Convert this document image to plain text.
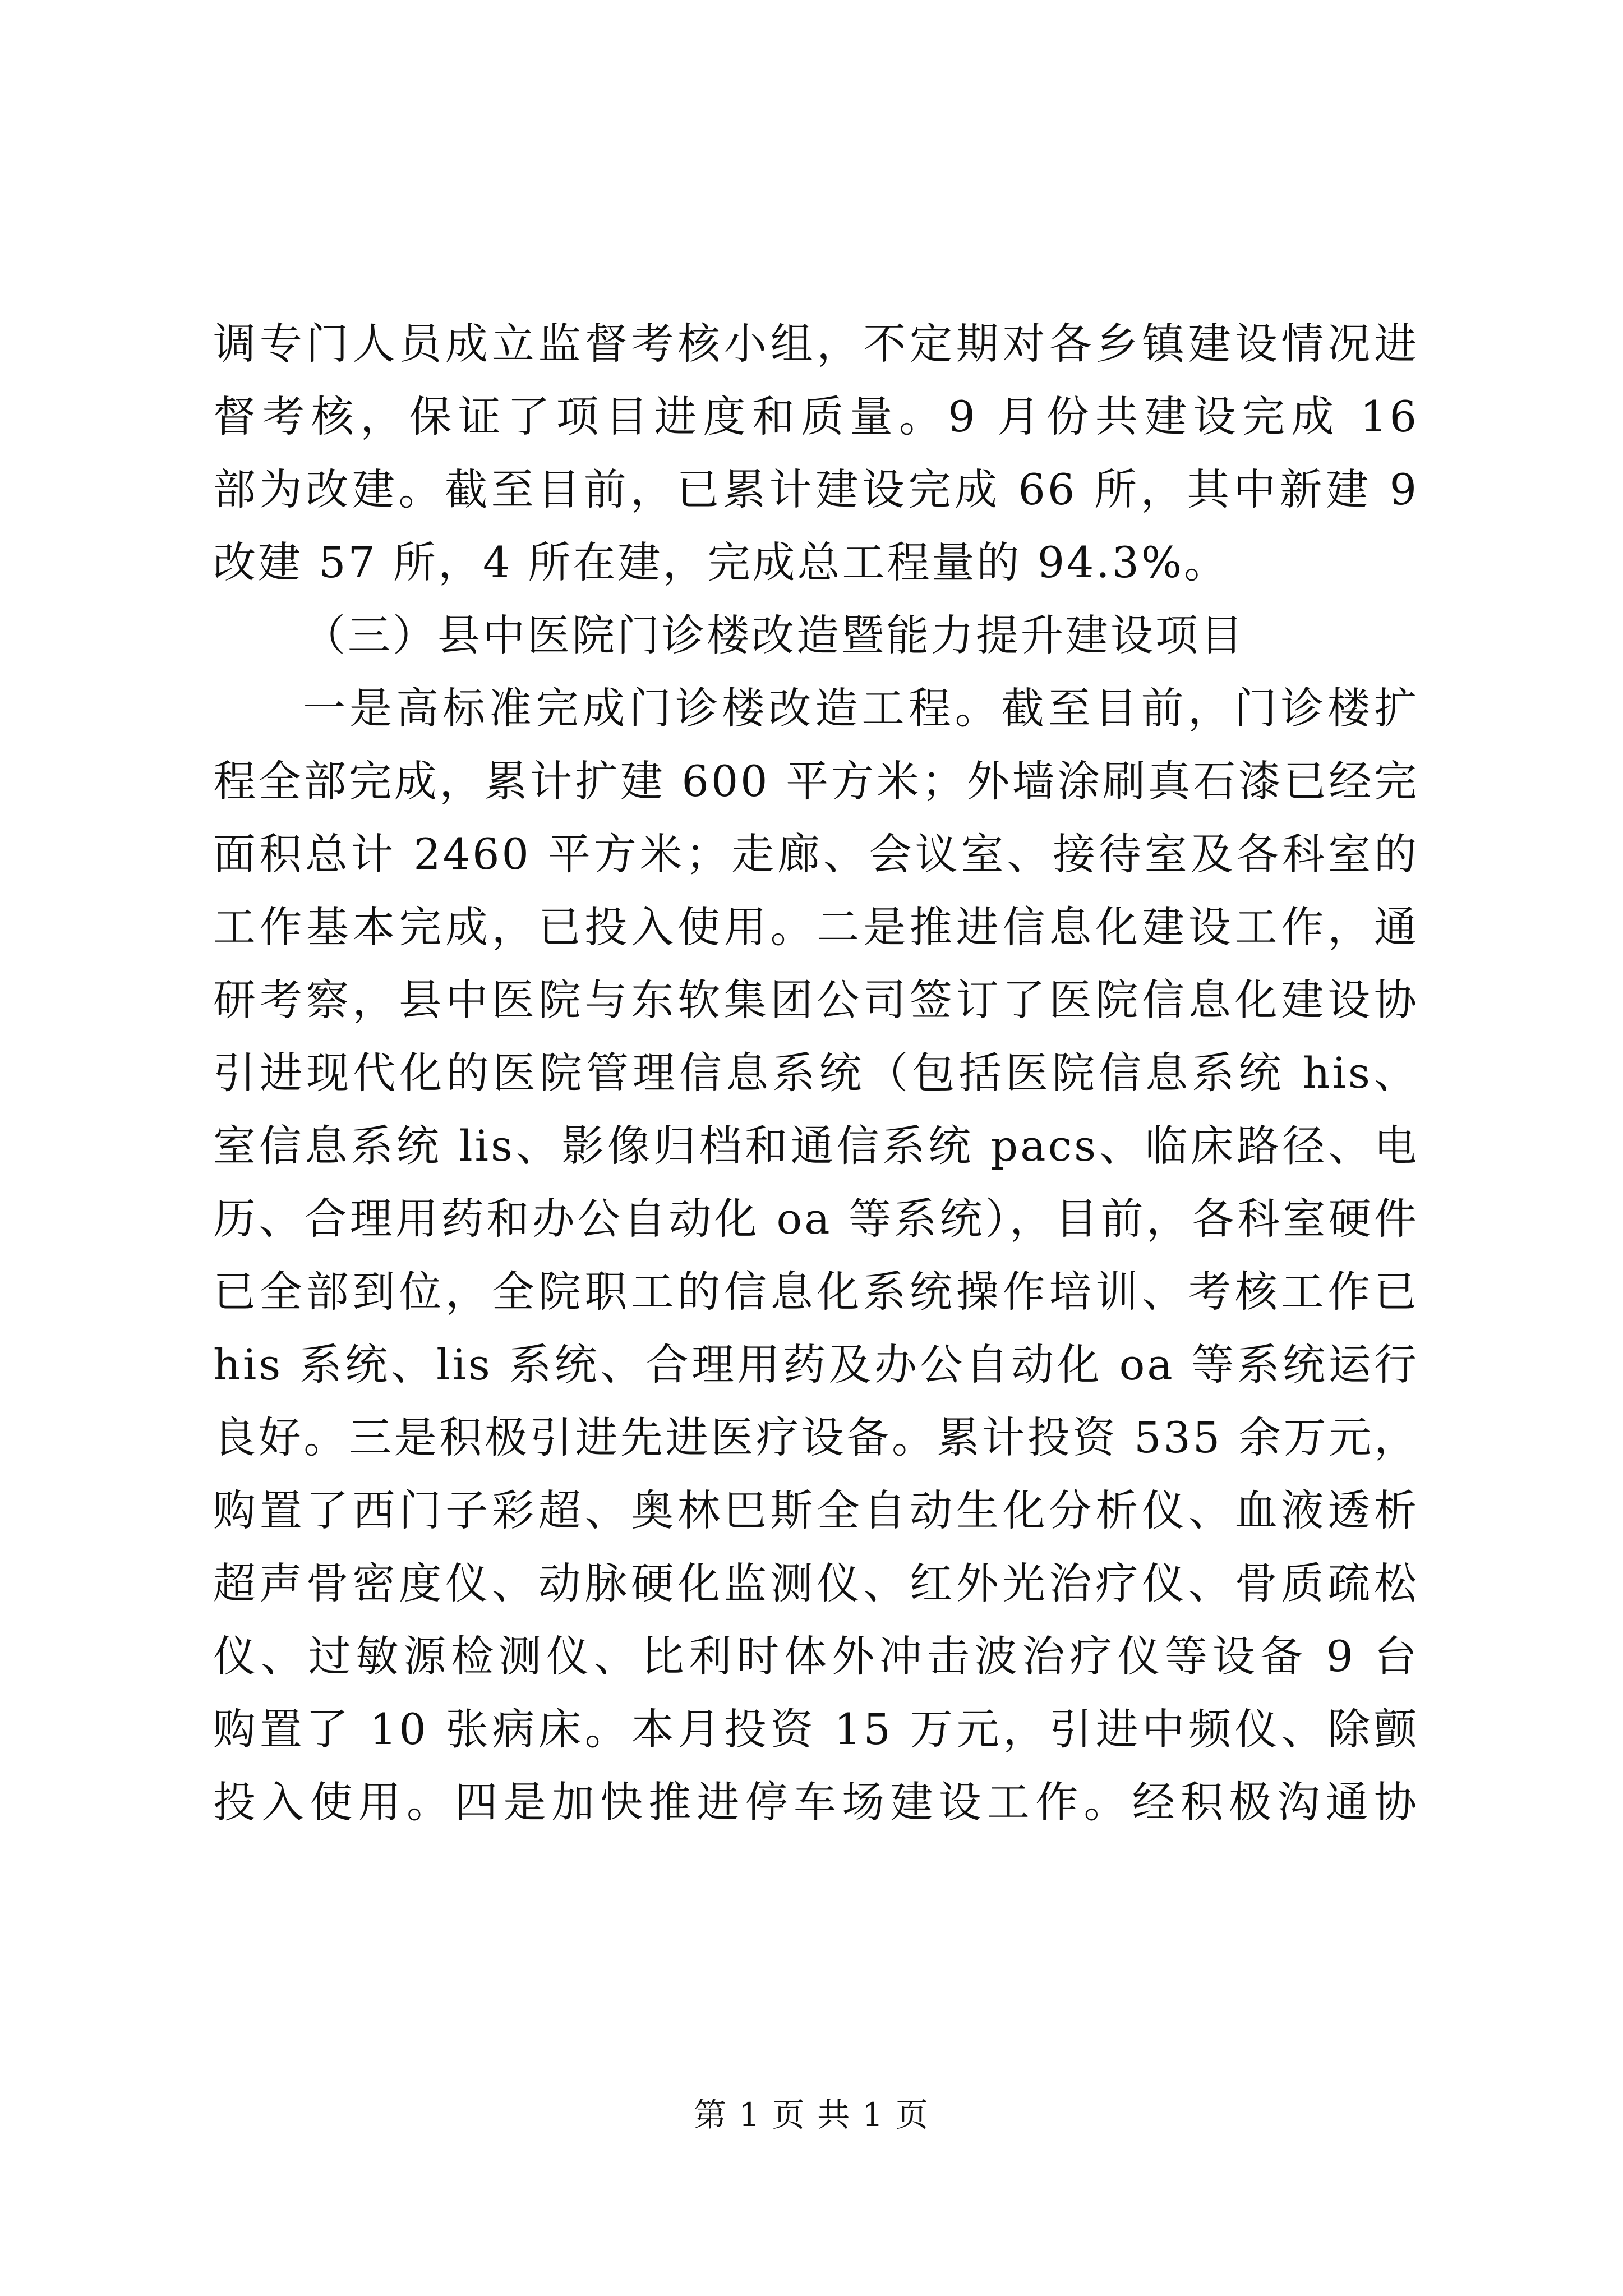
调专门人员成立监督考核小组，不定期对各乡镇建设情况进
督考核，保证了项目进度和质量。9 月份共建设完成 16
部为改建。截至目前，已累计建设完成 66 所，其中新建 9
改建 57 所，4 所在建，完成总工程量的 94.3%。
（三）县中医院门诊楼改造暨能力提升建设项目
一是高标准完成门诊楼改造工程。截至目前，门诊楼扩
程全部完成，累计扩建 600 平方米；外墙涂刷真石漆已经完
面积总计 2460 平方米；走廊、会议室、接待室及各科室的
工作基本完成，已投入使用。二是推进信息化建设工作，通
研考察，县中医院与东软集团公司签订了医院信息化建设协
引进现代化的医院管理信息系统（包括医院信息系统 his、
室信息系统 lis、影像归档和通信系统 pacs、临床路径、电
历、合理用药和办公自动化 oa 等系统），目前，各科室硬件
已全部到位，全院职工的信息化系统操作培训、考核工作已
his 系统、lis 系统、合理用药及办公自动化 oa 等系统运行
良好。三是积极引进先进医疗设备。累计投资 535 余万元，
购置了西门子彩超、奥林巴斯全自动生化分析仪、血液透析
超声骨密度仪、动脉硬化监测仪、红外光治疗仪、骨质疏松
仪、过敏源检测仪、比利时体外冲击波治疗仪等设备 9 台
购置了 10 张病床。本月投资 15 万元，引进中频仪、除颤
投入使用。四是加快推进停车场建设工作。经积极沟通协
第 1 页 共 1 页
